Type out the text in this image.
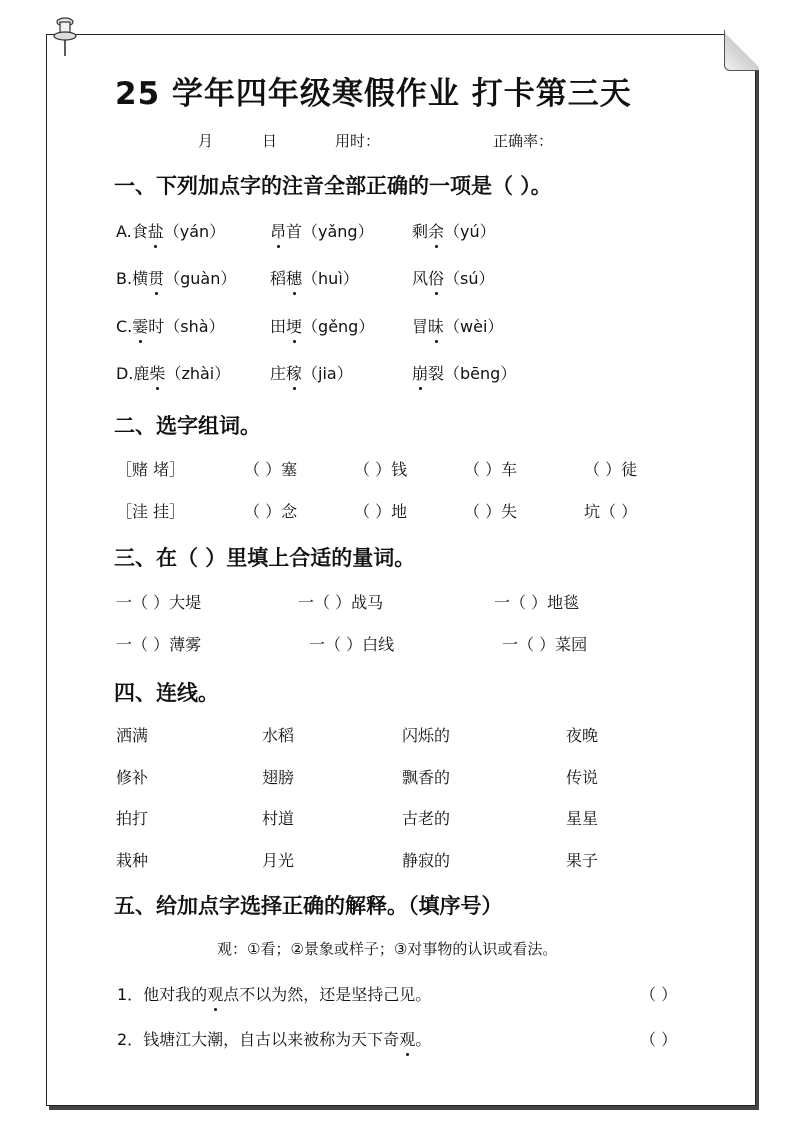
25 学年四年级寒假作业 打卡第三天
月	日	用时：	正确率：
一、下列加点字的注音全部正确的一项是（ ）。
A.食盐（yán）	昂首（yǎng） 剩余（yú）
B.横贯（guàn） 稻穗（huì）	风俗（sú）
C.霎时（shà）	田埂（gěng） 冒昧（wèi）
D.鹿柴（zhài） 庄稼（jia）	崩裂（bēng）
二、选字组词。
［赌 堵］	（ ）塞	（ ）钱	（ ）车	（ ）徒
［洼 挂］	（ ）念	（ ）地	（ ）失	坑（ ）
三、在（ ）里填上合适的量词。
一（ ）大堤	一（ ）战马	一（ ）地毯
一（ ）薄雾	一（ ）白线	一（ ）菜园
四、连线。
洒满	水稻	闪烁的	夜晚
修补	翅膀	飘香的	传说
拍打	村道	古老的	星星
栽种	月光	静寂的	果子
五、给加点字选择正确的解释。（填序号）
观：①看；②景象或样子；③对事物的认识或看法。
1．他对我的观点不以为然，还是坚持己见。	（ ）
2．钱塘江大潮，自古以来被称为天下奇观。	（ ）
